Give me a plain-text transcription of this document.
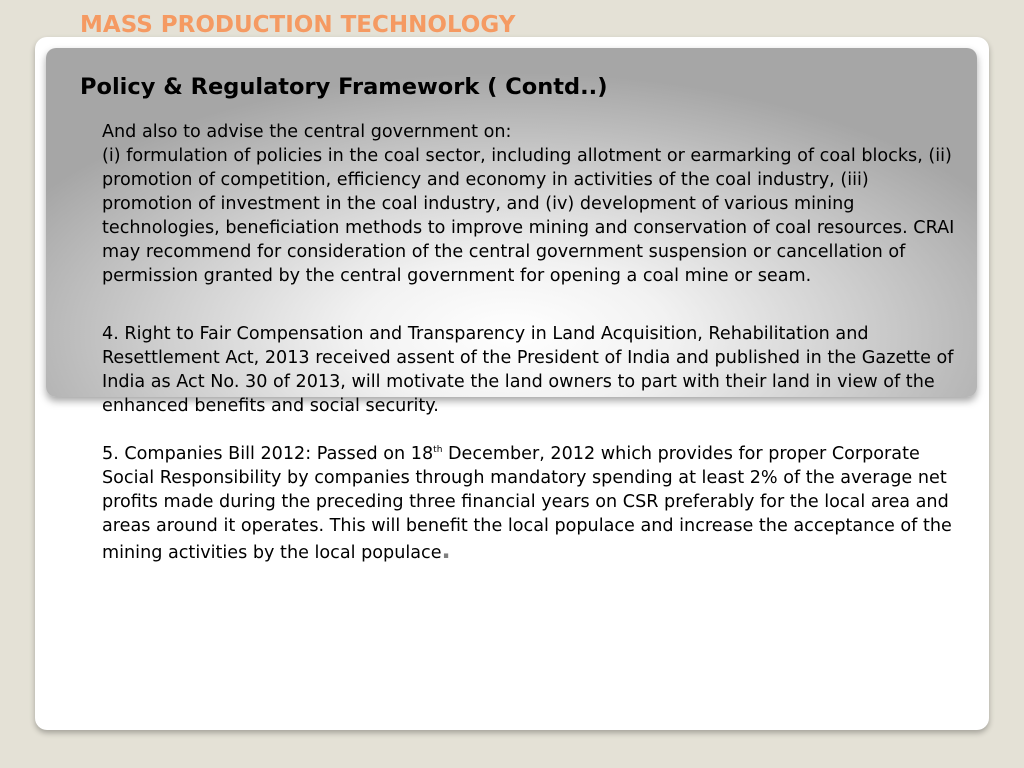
MASS PRODUCTION TECHNOLOGY
Policy & Regulatory Framework ( Contd..)

And also to advise the central government on:
(i) formulation of policies in the coal sector, including allotment or earmarking of coal blocks, (ii) promotion of competition, efficiency and economy in activities of the coal industry, (iii) promotion of investment in the coal industry, and (iv) development of various mining technologies, beneficiation methods to improve mining and conservation of coal resources. CRAI may recommend for consideration of the central government suspension or cancellation of permission granted by the central government for opening a coal mine or seam.

4. Right to Fair Compensation and Transparency in Land Acquisition, Rehabilitation and Resettlement Act, 2013 received assent of the President of India and published in the Gazette of India as Act No. 30 of 2013, will motivate the land owners to part with their land in view of the enhanced benefits and social security.

5. Companies Bill 2012: Passed on 18th December, 2012 which provides for proper Corporate Social Responsibility by companies through mandatory spending at least 2% of the average net profits made during the preceding three financial years on CSR preferably for the local area and areas around it operates. This will benefit the local populace and increase the acceptance of the mining activities by the local populace.
